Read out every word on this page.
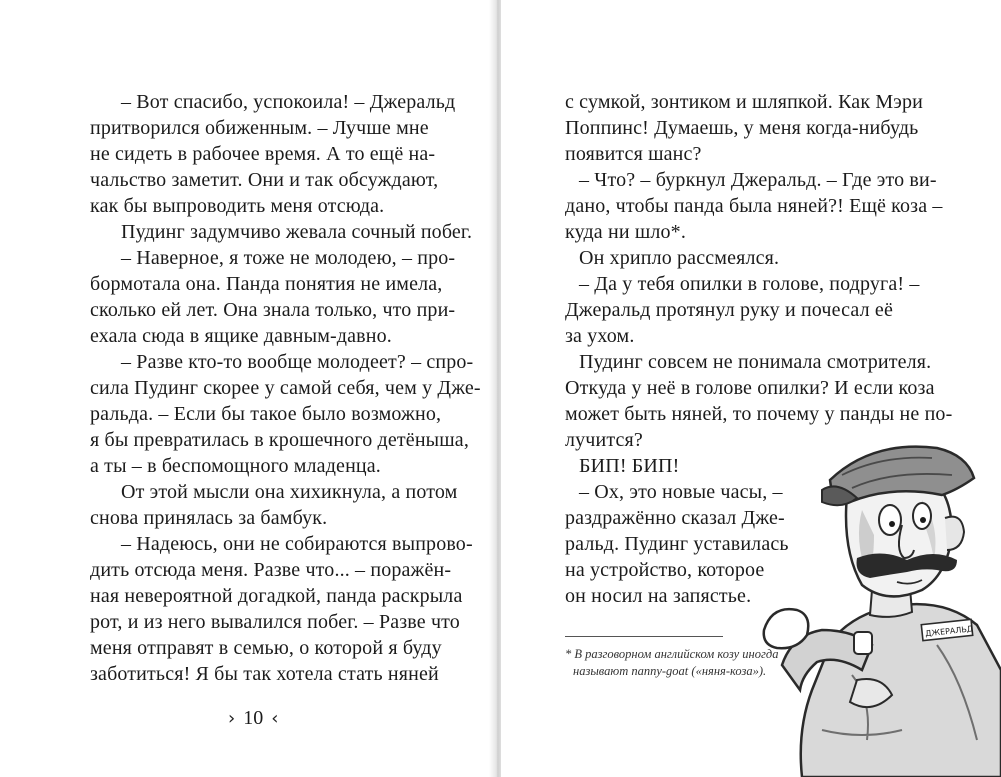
– Вот спасибо, успокоила! – Джеральд
притворился обиженным. – Лучше мне
не сидеть в рабочее время. А то ещё на-
чальство заметит. Они и так обсуждают,
как бы выпроводить меня отсюда.
Пудинг задумчиво жевала сочный побег.
– Наверное, я тоже не молодею, – про-
бормотала она. Панда понятия не имела,
сколько ей лет. Она знала только, что при-
ехала сюда в ящике давным-давно.
– Разве кто-то вообще молодеет? – спро-
сила Пудинг скорее у самой себя, чем у Дже-
ральда. – Если бы такое было возможно,
я бы превратилась в крошечного детёныша,
а ты – в беспомощного младенца.
От этой мысли она хихикнула, а потом
снова принялась за бамбук.
– Надеюсь, они не собираются выпрово-
дить отсюда меня. Разве что... – поражён-
ная невероятной догадкой, панда раскрыла
рот, и из него вывалился побег. – Разве что
меня отправят в семью, о которой я буду
заботиться! Я бы так хотела стать няней
› 10 ‹
с сумкой, зонтиком и шляпкой. Как Мэри
Поппинс! Думаешь, у меня когда-нибудь
появится шанс?
– Что? – буркнул Джеральд. – Где это ви-
дано, чтобы панда была няней?! Ещё коза –
куда ни шло*.
Он хрипло рассмеялся.
– Да у тебя опилки в голове, подруга! –
Джеральд протянул руку и почесал её
за ухом.
Пудинг совсем не понимала смотрителя.
Откуда у неё в голове опилки? И если коза
может быть няней, то почему у панды не по-
лучится?
БИП! БИП!
– Ох, это новые часы, –
раздражённо сказал Дже-
ральд. Пудинг уставилась
на устройство, которое
он носил на запястье.
* В разговорном английском козу иногда
называют nanny-goat («няня-коза»).
ДЖЕРАЛЬД
